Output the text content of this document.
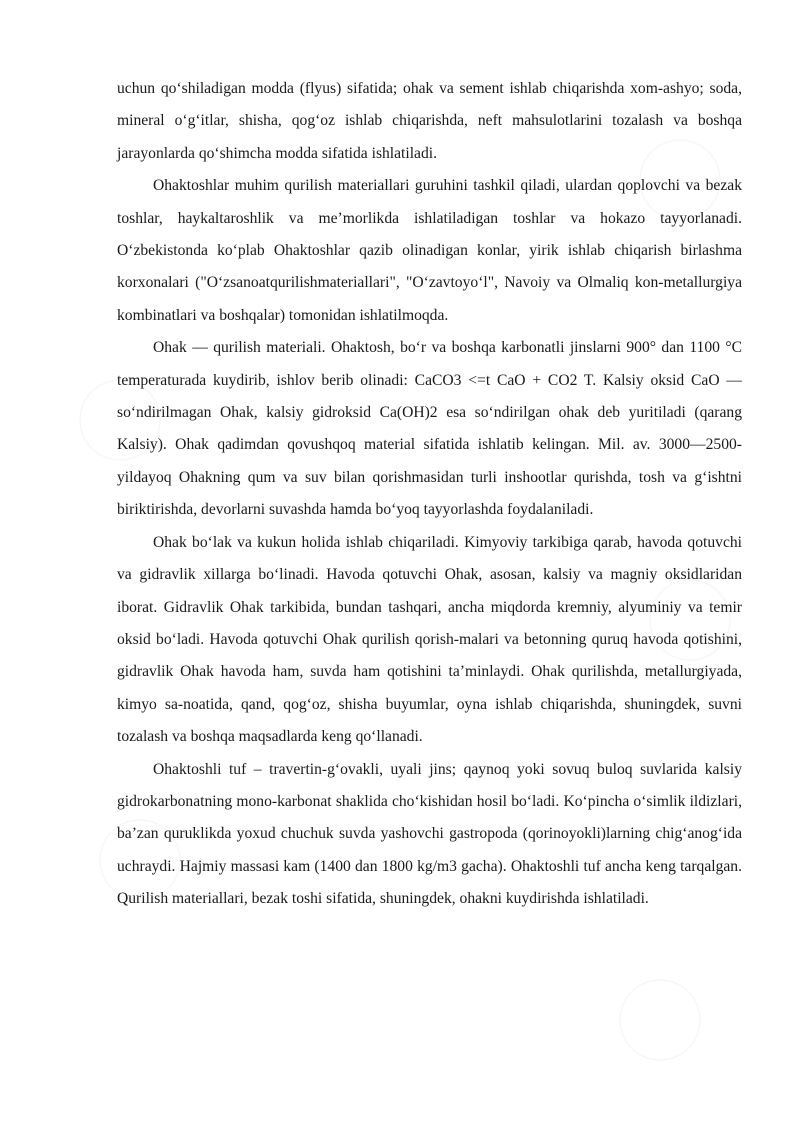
uchun qo‘shiladigan modda (flyus) sifatida; ohak va sement ishlab chiqarishda xom-ashyo; soda, mineral o‘g‘itlar, shisha, qog‘oz ishlab chiqarishda, neft mahsulotlarini tozalash va boshqa jarayonlarda qo‘shimcha modda sifatida ishlatiladi.

Ohaktoshlar muhim qurilish materiallari guruhini tashkil qiladi, ulardan qoplovchi va bezak toshlar, haykaltaroshlik va me’morlikda ishlatiladigan toshlar va hokazo tayyorlanadi. O‘zbekistonda ko‘plab Ohaktoshlar qazib olinadigan konlar, yirik ishlab chiqarish birlashma korxonalari ("O‘zsanoatqurilishmateriallari", "O‘zavtoyo‘l", Navoiy va Olmaliq kon-metallurgiya kombinatlari va boshqalar) tomonidan ishlatilmoqda.

Ohak — qurilish materiali. Ohaktosh, bo‘r va boshqa karbonatli jinslarni 900° dan 1100 °C temperaturada kuydirib, ishlov berib olinadi: CaCO3 <=t CaO + CO2 T. Kalsiy oksid CaO — so‘ndirilmagan Ohak, kalsiy gidroksid Ca(OH)2 esa so‘ndirilgan ohak deb yuritiladi (qarang Kalsiy). Ohak qadimdan qovushqoq material sifatida ishlatib kelingan. Mil. av. 3000—2500-yildayoq Ohakning qum va suv bilan qorishmasidan turli inshootlar qurishda, tosh va g‘ishtni biriktirishda, devorlarni suvashda hamda bo‘yoq tayyorlashda foydalaniladi.

Ohak bo‘lak va kukun holida ishlab chiqariladi. Kimyoviy tarkibiga qarab, havoda qotuvchi va gidravlik xillarga bo‘linadi. Havoda qotuvchi Ohak, asosan, kalsiy va magniy oksidlaridan iborat. Gidravlik Ohak tarkibida, bundan tashqari, ancha miqdorda kremniy, alyuminiy va temir oksid bo‘ladi. Havoda qotuvchi Ohak qurilish qorish-malari va betonning quruq havoda qotishini, gidravlik Ohak havoda ham, suvda ham qotishini ta’minlaydi. Ohak qurilishda, metallurgiyada, kimyo sa-noatida, qand, qog‘oz, shisha buyumlar, oyna ishlab chiqarishda, shuningdek, suvni tozalash va boshqa maqsadlarda keng qo‘llanadi.

Ohaktoshli tuf – travertin-g‘ovakli, uyali jins; qaynoq yoki sovuq buloq suvlarida kalsiy gidrokarbonatning mono-karbonat shaklida cho‘kishidan hosil bo‘ladi. Ko‘pincha o‘simlik ildizlari, ba’zan quruklikda yoxud chuchuk suvda yashovchi gastropoda (qorinoyokli)larning chig‘anog‘ida uchraydi. Hajmiy massasi kam (1400 dan 1800 kg/m3 gacha). Ohaktoshli tuf ancha keng tarqalgan. Qurilish materiallari, bezak toshi sifatida, shuningdek, ohakni kuydirishda ishlatiladi.
